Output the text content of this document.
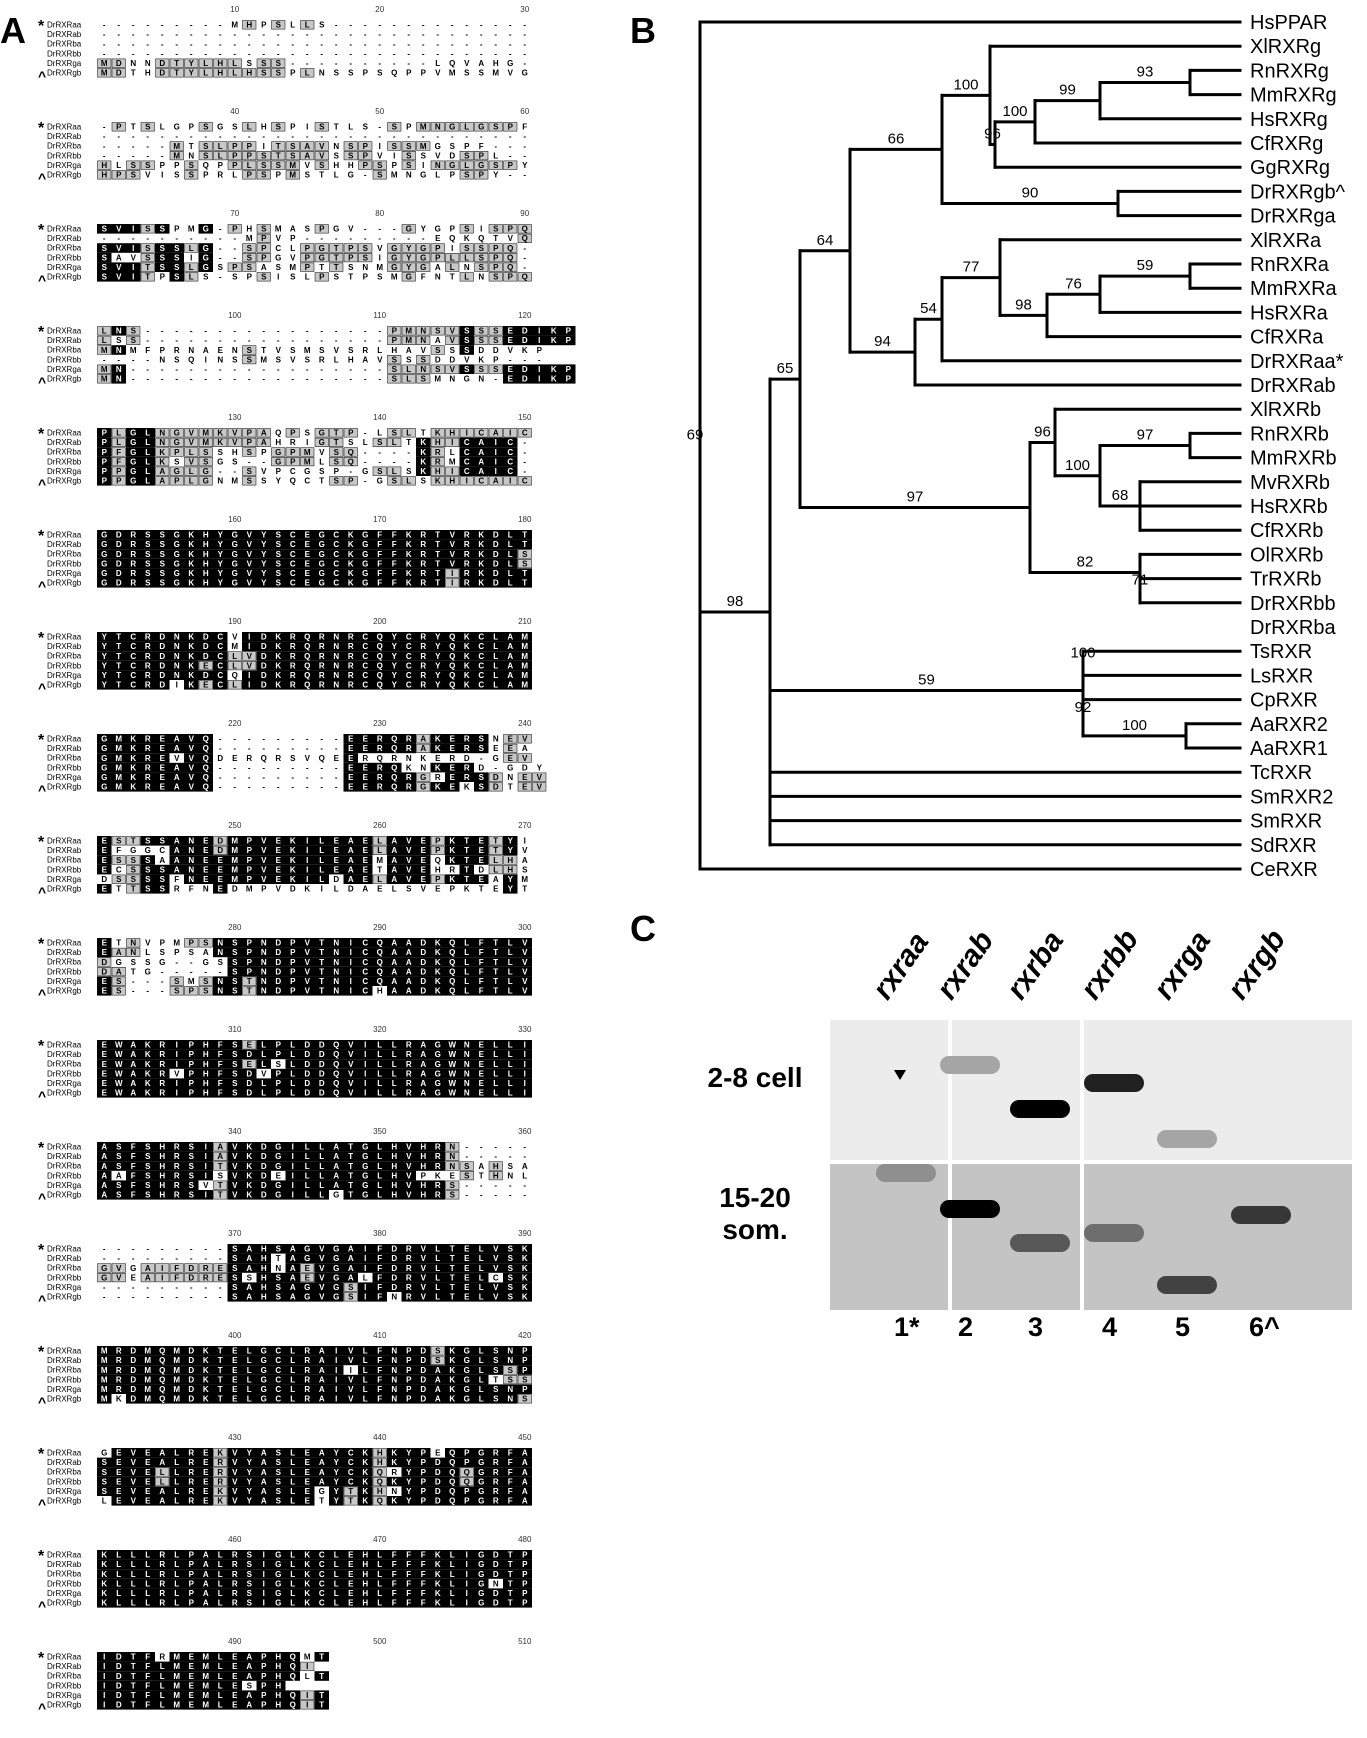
A	B
C
10	20	30
* DrRXRaa	- - - - - - - - - M H P S L L S - - - - - - - - - - - - - -
DrRXRab	- - - - - - - - - - - - - - - - - - - - - - - - - - - - - -
DrRXRba	- - - - - - - - - - - - - - - - - - - - - - - - - - - - - -
DrRXRbb	- - - - - - - - - - - - - - - - - - - - - - - - - - - - - -
DrRXRga M D N N D T Y L H L S S S - - - - - - - - - - L Q V A H G -
^ DrRXRgb M D T H D T Y L H L H S S P L N S S P S Q P P V M S S M V G
40	50	60
* DrRXRaa	- P T S L G P S G S L H S P I S T L S - S P M N G L G S P F
DrRXRab	- - - - - - - - - - - - - - - - - - - - - - - - - - - - - -
DrRXRba	- - - - - M T S L P P I T S A V N S P I S S M G S P F - - -
DrRXRbb	- - - - - M N S L P P S T S A V S S P V I S S V D S P L - -
DrRXRga	H L S S P P S Q P P L S S M V S H H P S P S I N G L G S P Y
^ DrRXRgb	H P S V I S S P R L P S P M S T L G - S M N G L P S P Y - -
70	80	90
* DrRXRaa	S V I S S P M G - P H S M A S P G V - - - G Y G P S I S P Q
DrRXRab	- - - - - - - - - - M P V P - - - - - - - - - E Q K Q T V Q
DrRXRba	S V I S S S L G - - S P C L P G T P S V G Y G P I S S P Q -
DrRXRbb	S A V S S S I G - - S P G V P G T P S I G Y G P L L S P Q -
DrRXRga	S V I T S S L G S P S A S M P T T S N M G Y G A L N S P Q -
^ DrRXRgb	S V I T P S L S - S P S I S L P S T P S M G F N T L N S P Q
100	110	120
* DrRXRaa	L N S - - - - - - - - - - - - - - - - - P M N S V S S S E D I K P
DrRXRab	L S S - - - - - - - - - - - - - - - - - P M N A V S S S E D I K P
DrRXRba M N M F P R N A E N S T V S M S V S R L H A V S S S D D V K P
DrRXRbb	- - - - N S Q I N S S M S V S R L H A V S S S D D V K P - - -
DrRXRga M N - - - - - - - - - - - - - - - - - - S L N S V S S S E D I K P
^ DrRXRgb M N - - - - - - - - - - - - - - - - - - S L S M N G N - E D I K P
130	140	150
* DrRXRaa	P L G L N G V M K V P A Q P S G T P - L S L T K H I C A I C
DrRXRab	P L G L N G V M K V P A H R I G T S L S L T K H I C A I C -
DrRXRba	P F G L K P L S S H S P G P M V S Q - - - - K R L C A I C -
DrRXRbb	P F G L K S V S G S - - G P M L S Q - - - - K R M C A I C -
DrRXRga	P P G L A G L G - - S V P C G S P - G S L S K H I C A I C -
^ DrRXRgb	P P G L A P L G N M S S Y Q C T S P - G S L S K H I C A I C
160	170	180
* DrRXRaa G D R S S G K H Y G V Y S C E G C K G F F K R T V R K D L T
DrRXRab G D R S S G K H Y G V Y S C E G C K G F F K R T V R K D L T
DrRXRba G D R S S G K H Y G V Y S C E G C K G F F K R T V R K D L S
DrRXRbb G D R S S G K H Y G V Y S C E G C K G F F K R T V R K D L S
DrRXRga G D R S S G K H Y G V Y S C E G C K G F F K R T I R K D L T
^ DrRXRgb G D R S S G K H Y G V Y S C E G C K G F F K R T I R K D L T
190	200	210
* DrRXRaa	Y T C R D N K D C V I D K R Q R N R C Q Y C R Y Q K C L A M
DrRXRab	Y T C R D N K D C M I D K R Q R N R C Q Y C R Y Q K C L A M
DrRXRba	Y T C R D N K D C L V D K R Q R N R C Q Y C R Y Q K C L A M
DrRXRbb	Y T C R D N K E C L V D K R Q R N R C Q Y C R Y Q K C L A M
DrRXRga	Y T C R D N K D C Q I D K R Q R N R C Q Y C R Y Q K C L A M
^ DrRXRgb	Y T C R D I K E C L I D K R Q R N R C Q Y C R Y Q K C L A M
220	230	240
* DrRXRaa G M K R E A V Q - - - - - - - - - E E R Q R A K E R S N E V
DrRXRab G M K R E A V Q - - - - - - - - - E E R Q R A K E R S E E A
DrRXRba G M K R E V V Q D E R Q R S V Q E E R Q R N K E R D - G E V
DrRXRbb G M K R E A V Q - - - - - - - - - E E R Q K N K E R D - G D Y
DrRXRga G M K R E A V Q - - - - - - - - - E E R Q R G R E R S D N E V
^ DrRXRgb G M K R E A V Q - - - - - - - - - E E R Q R G K E K S D T E V
250	260	270
* DrRXRaa	E S T S S A N E D M P V E K I L E A E L A V E P K T E T Y I
DrRXRab	E F G G C A N E D M P V E K I L E A E L A V E P K T E T Y V
DrRXRba	E S S S A A N E E M P V E K I L E A E M A V E Q K T E L H A
DrRXRbb	E C S S S A N E E M P V E K I L E A E T A V E H R T D L H S
DrRXRga	D S S S S F N E E M P V E K I L D A E L A V E P K T E A Y M
^ DrRXRgb	E T T S S R F N E D M P V D K I L D A E L S V E P K T E Y T
280	290	300
* DrRXRaa	E T N V P M P S N S P N D P V T N I C Q A A D K Q L F T L V
DrRXRab	E A N L S P S A N S P N D P V T N I C Q A A D K Q L F T L V
DrRXRba	D G S S G - - G S S P N D P V T N I C Q A A D K Q L F T L V
DrRXRbb	D A T G - - - - - S P N D P V T N I C Q A A D K Q L F T L V
DrRXRga	E S - - - S M S N S T N D P V T N I C Q A A D K Q L F T L V
^ DrRXRgb	E S - - - S P S N S T N D P V T N I C H A A D K Q L F T L V
310	320	330
* DrRXRaa	E W A K R I P H F S E L P L D D Q V I L L R A G W N E L L I
DrRXRab	E W A K R I P H F S D L P L D D Q V I L L R A G W N E L L I
DrRXRba	E W A K R I P H F S E L S L D D Q V I L L R A G W N E L L I
DrRXRbb	E W A K R V P H F S D V P L D D Q V I L L R A G W N E L L I
DrRXRga	E W A K R I P H F S D L P L D D Q V I L L R A G W N E L L I
^ DrRXRgb	E W A K R I P H F S D L P L D D Q V I L L R A G W N E L L I
340	350	360
* DrRXRaa	A S F S H R S I A V K D G I L L A T G L H V H R N - - - - -
DrRXRab	A S F S H R S I A V K D G I L L A T G L H V H R N - - - - -
DrRXRba	A S F S H R S I T V K D G I L L A T G L H V H R N S A H S A
DrRXRbb	A A F S H R S I S V K D E I L L A T G L H V P K E S T H N L
DrRXRga	A S F S H R S V T V K D G I L L A T G L H V H R S - - - - -
^ DrRXRgb	A S F S H R S I T V K D G I L L G T G L H V H R S - - - - -
370	380	390
* DrRXRaa	- - - - - - - - - S A H S A G V G A I F D R V L T E L V S K
DrRXRab	- - - - - - - - - S A H T A G V G A I F D R V L T E L V S K
DrRXRba G V G A I F D R E S A H N A E V G A I F D R V L T E L V S K
DrRXRbb G V E A I F D R E S S H S A E V G A L F D R V L T E L C S K
DrRXRga	- - - - - - - - - S A H S A G V G S I F D R V L T E L V S K
^ DrRXRgb	- - - - - - - - - S A H S A G V G S I F N R V L T E L V S K
400	410	420
* DrRXRaa M R D M Q M D K T E L G C L R A I V L F N P D S K G L S N P
DrRXRab M R D M Q M D K T E L G C L R A I V L F N P D S K G L S N P
DrRXRba M R D M Q M D K T E L G C L R A I I L F N P D A K G L S S P
DrRXRbb M R D M Q M D K T E L G C L R A I V L F N P D A K G L T S S
DrRXRga M R D M Q M D K T E L G C L R A I V L F N P D A K G L S N P
^ DrRXRgb M K D M Q M D K T E L G C L R A I V L F N P D A K G L S N S
430	440	450
* DrRXRaa G E V E A L R E K V Y A S L E A Y C K H K Y P E Q P G R F A
DrRXRab	S E V E A L R E R V Y A S L E A Y C K H K Y P D Q P G R F A
DrRXRba	S E V E L L R E R V Y A S L E A Y C K Q R Y P D Q Q G R F A
DrRXRbb	S E V E L L R E R V Y A S L E A Y C K Q K Y P D Q Q G R F A
DrRXRga	S E V E A L R E K V Y A S L E G Y T K H N Y P D Q P G R F A
^ DrRXRgb	L E V E A L R E K V Y A S L E T Y T K Q K Y P D Q P G R F A
460	470	480
* DrRXRaa	K L L L R L P A L R S I G L K C L E H L F F F K L I G D T P
DrRXRab	K L L L R L P A L R S I G L K C L E H L F F F K L I G D T P
DrRXRba	K L L L R L P A L R S I G L K C L E H L F F F K L I G D T P
DrRXRbb	K L L L R L P A L R S I G L K C L E H L F F F K L I G N T P
DrRXRga	K L L L R L P A L R S I G L K C L E H L F F F K L I G D T P
^ DrRXRgb	K L L L R L P A L R S I G L K C L E H L F F F K L I G D T P
490	500	510
* DrRXRaa	I D T F R M E M L E A P H Q M T
DrRXRab	I D T F L M E M L E A P H Q I
DrRXRba	I D T F L M E M L E A P H Q L T
DrRXRbb	I D T F L M E M L E S P H
DrRXRga	I D T F L M E M L E A P H Q I T
^ DrRXRgb	I D T F L M E M L E A P H Q I T
HsPPAR
XlRXRg
RnRXRg
MmRXRg
HsRXRg
CfRXRg
GgRXRg
DrRXRgb^
DrRXRga
XlRXRa
RnRXRa
MmRXRa
HsRXRa
CfRXRa
DrRXRaa*
DrRXRab
XlRXRb
RnRXRb
MmRXRb
MvRXRb
HsRXRb
CfRXRb
OlRXRb
TrRXRb
DrRXRbb
DrRXRba
TsRXR
LsRXR
CpRXR
AaRXR2
AaRXR1
TcRXR
SmRXR2
SmRXR
SdRXR
CeRXR
100	99
93
100
96
66
90
77	59
98
76
54
94
64
96	97
100
68
82
71
97
65
100
92
100
59
98
69
rxraa
rxrab rxrba rxrbb rxrga rxrgb
2-8 cell
15-20 som.
1* 2 3 4 5 6^
